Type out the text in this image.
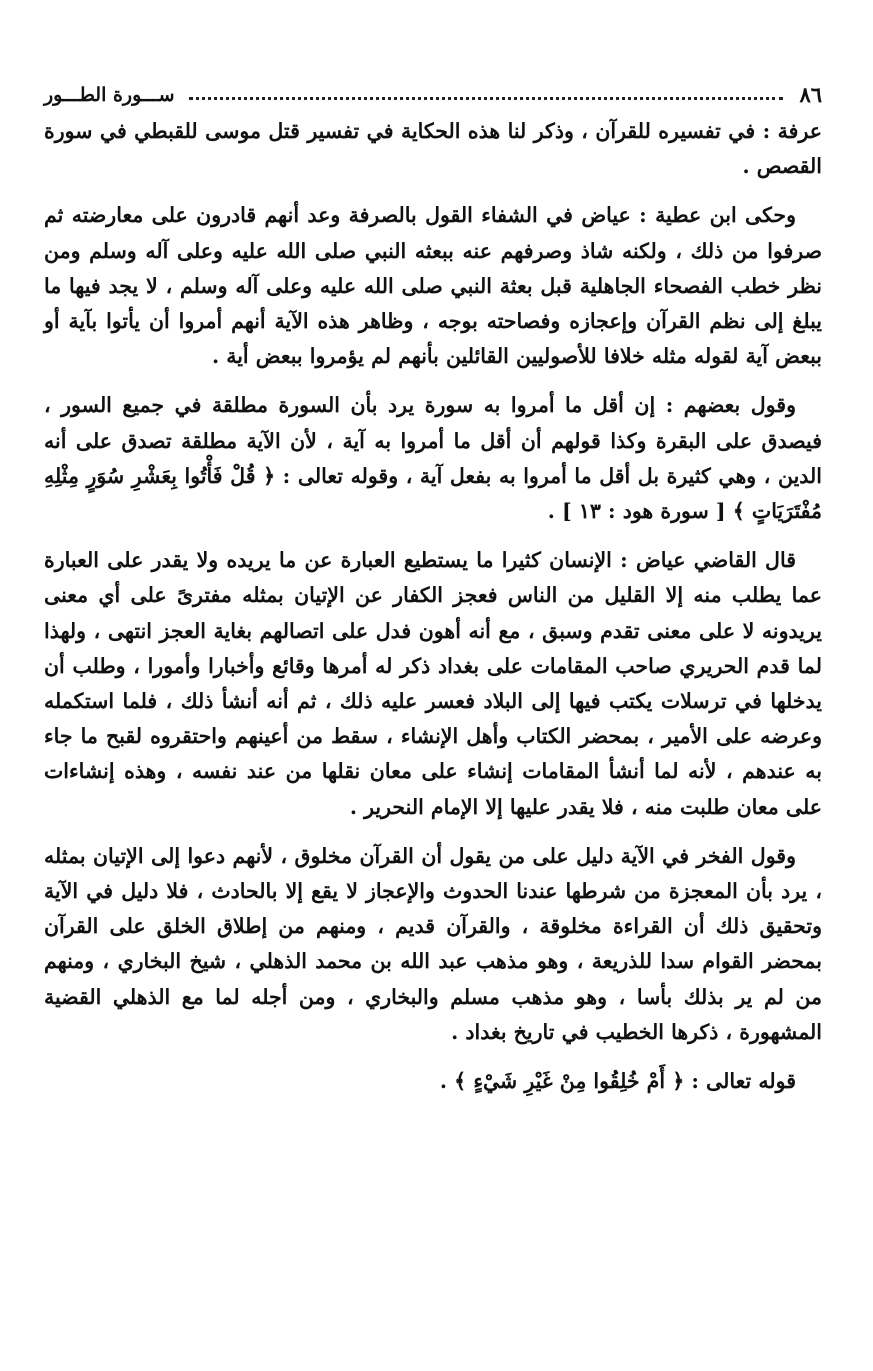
٨٦
ســـورة الطـــور

عرفة : في تفسيره للقرآن ، وذكر لنا هذه الحكاية في تفسير قتل موسى للقبطي في سورة القصص .

وحكى ابن عطية : عياض في الشفاء القول بالصرفة وعد أنهم قادرون على معارضته ثم صرفوا من ذلك ، ولكنه شاذ وصرفهم عنه ببعثه النبي صلى الله عليه وعلى آله وسلم ومن نظر خطب الفصحاء الجاهلية قبل بعثة النبي صلى الله عليه وعلى آله وسلم ، لا يجد فيها ما يبلغ إلى نظم القرآن وإعجازه وفصاحته بوجه ، وظاهر هذه الآية أنهم أمروا أن يأتوا بآية أو ببعض آية لقوله مثله خلافا للأصوليين القائلين بأنهم لم يؤمروا ببعض أية .

وقول بعضهم : إن أقل ما أمروا به سورة يرد بأن السورة مطلقة في جميع السور ، فيصدق على البقرة وكذا قولهم أن أقل ما أمروا به آية ، لأن الآية مطلقة تصدق على أنه الدين ، وهي كثيرة بل أقل ما أمروا به بفعل آية ، وقوله تعالى : ﴿ قُلْ فَأْتُوا بِعَشْرِ سُوَرٍ مِثْلِهِ مُفْتَرَيَاتٍ ﴾ [ سورة هود : ١٣ ] .

قال القاضي عياض : الإنسان كثيرا ما يستطيع العبارة عن ما يريده ولا يقدر على العبارة عما يطلب منه إلا القليل من الناس فعجز الكفار عن الإتيان بمثله مفترىً على أي معنى يريدونه لا على معنى تقدم وسبق ، مع أنه أهون فدل على اتصالهم بغاية العجز انتهى ، ولهذا لما قدم الحريري صاحب المقامات على بغداد ذكر له أمرها وقائع وأخبارا وأمورا ، وطلب أن يدخلها في ترسلات يكتب فيها إلى البلاد فعسر عليه ذلك ، ثم أنه أنشأ ذلك ، فلما استكمله وعرضه على الأمير ، بمحضر الكتاب وأهل الإنشاء ، سقط من أعينهم واحتقروه لقبح ما جاء به عندهم ، لأنه لما أنشأ المقامات إنشاء على معان نقلها من عند نفسه ، وهذه إنشاءات على معان طلبت منه ، فلا يقدر عليها إلا الإمام النحرير .

وقول الفخر في الآية دليل على من يقول أن القرآن مخلوق ، لأنهم دعوا إلى الإتيان بمثله ، يرد بأن المعجزة من شرطها عندنا الحدوث والإعجاز لا يقع إلا بالحادث ، فلا دليل في الآية وتحقيق ذلك أن القراءة مخلوقة ، والقرآن قديم ، ومنهم من إطلاق الخلق على القرآن بمحضر القوام سدا للذريعة ، وهو مذهب عبد الله بن محمد الذهلي ، شيخ البخاري ، ومنهم من لم ير بذلك بأسا ، وهو مذهب مسلم والبخاري ، ومن أجله لما مع الذهلي القضية المشهورة ، ذكرها الخطيب في تاريخ بغداد .

قوله تعالى : ﴿ أَمْ خُلِقُوا مِنْ غَيْرِ شَيْءٍ ﴾ .
